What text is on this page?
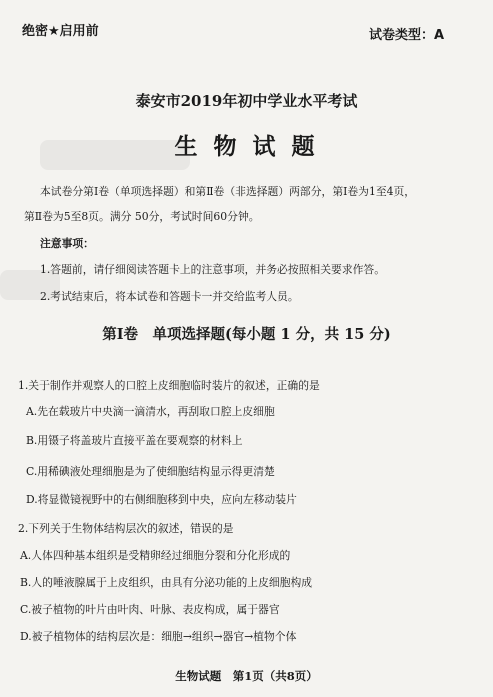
绝密★启用前	试卷类型：A
泰安市2019年初中学业水平考试
生 物 试 题
本试卷分第Ⅰ卷（单项选择题）和第Ⅱ卷（非选择题）两部分，第Ⅰ卷为1至4页，
第Ⅱ卷为5至8页。满分 50分，考试时间60分钟。
注意事项：
1.答题前，请仔细阅读答题卡上的注意事项，并务必按照相关要求作答。
2.考试结束后，将本试卷和答题卡一并交给监考人员。
第Ⅰ卷　单项选择题(每小题 1 分，共 15 分)
1.关于制作并观察人的口腔上皮细胞临时装片的叙述，正确的是
A.先在载玻片中央滴一滴清水，再刮取口腔上皮细胞
B.用镊子将盖玻片直接平盖在要观察的材料上
C.用稀碘液处理细胞是为了使细胞结构显示得更清楚
D.将显微镜视野中的右侧细胞移到中央，应向左移动装片
2.下列关于生物体结构层次的叙述，错误的是
A.人体四种基本组织是受精卵经过细胞分裂和分化形成的
B.人的唾液腺属于上皮组织，由具有分泌功能的上皮细胞构成
C.被子植物的叶片由叶肉、叶脉、表皮构成，属于器官
D.被子植物体的结构层次是：细胞→组织→器官→植物个体
生物试题　第1页（共8页）
